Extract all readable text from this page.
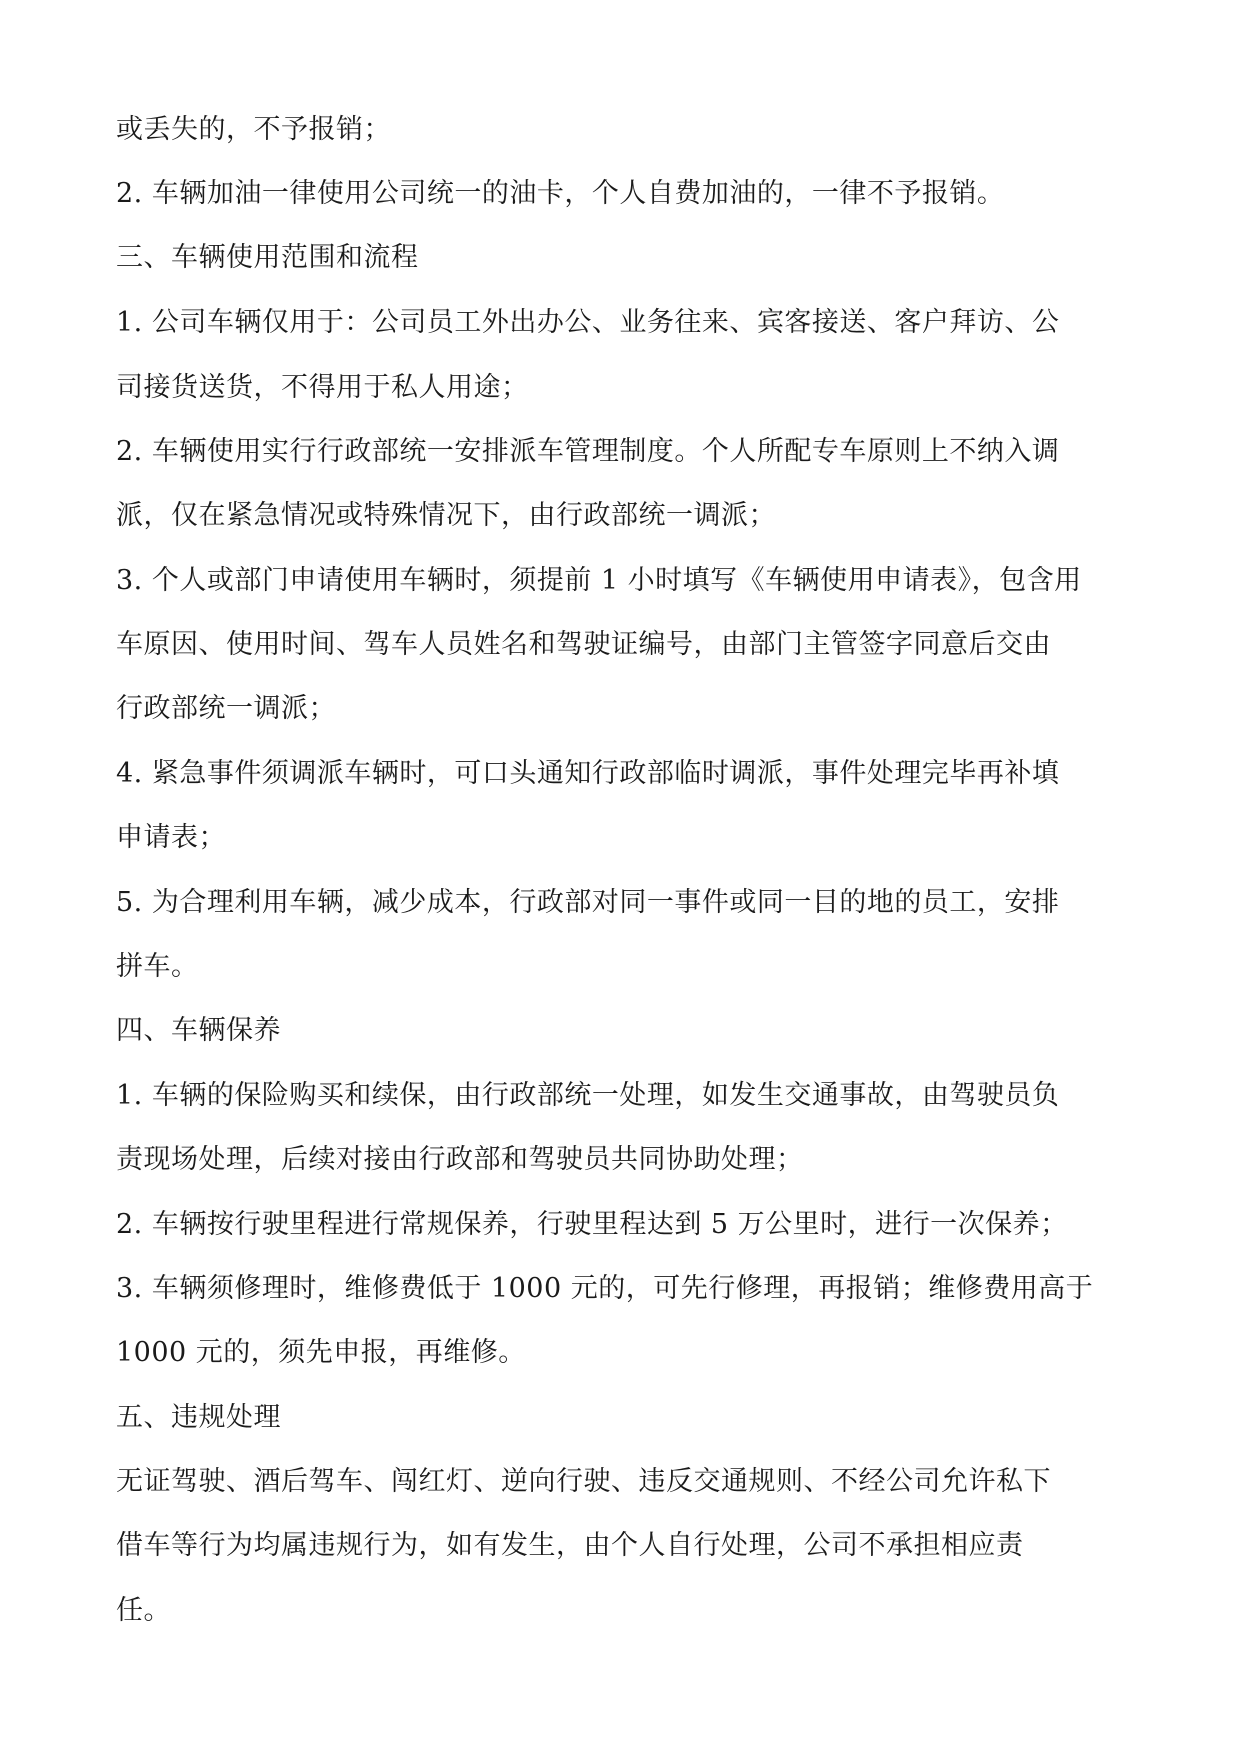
或丢失的，不予报销；
2. 车辆加油一律使用公司统一的油卡，个人自费加油的，一律不予报销。
三、车辆使用范围和流程
1. 公司车辆仅用于：公司员工外出办公、业务往来、宾客接送、客户拜访、公
司接货送货，不得用于私人用途；
2. 车辆使用实行行政部统一安排派车管理制度。个人所配专车原则上不纳入调
派，仅在紧急情况或特殊情况下，由行政部统一调派；
3. 个人或部门申请使用车辆时，须提前 1 小时填写《车辆使用申请表》，包含用
车原因、使用时间、驾车人员姓名和驾驶证编号，由部门主管签字同意后交由
行政部统一调派；
4. 紧急事件须调派车辆时，可口头通知行政部临时调派，事件处理完毕再补填
申请表；
5. 为合理利用车辆，减少成本，行政部对同一事件或同一目的地的员工，安排
拼车。
四、车辆保养
1. 车辆的保险购买和续保，由行政部统一处理，如发生交通事故，由驾驶员负
责现场处理，后续对接由行政部和驾驶员共同协助处理；
2. 车辆按行驶里程进行常规保养，行驶里程达到 5 万公里时，进行一次保养；
3. 车辆须修理时，维修费低于 1000 元的，可先行修理，再报销；维修费用高于
1000 元的，须先申报，再维修。
五、违规处理
无证驾驶、酒后驾车、闯红灯、逆向行驶、违反交通规则、不经公司允许私下
借车等行为均属违规行为，如有发生，由个人自行处理，公司不承担相应责
任。
